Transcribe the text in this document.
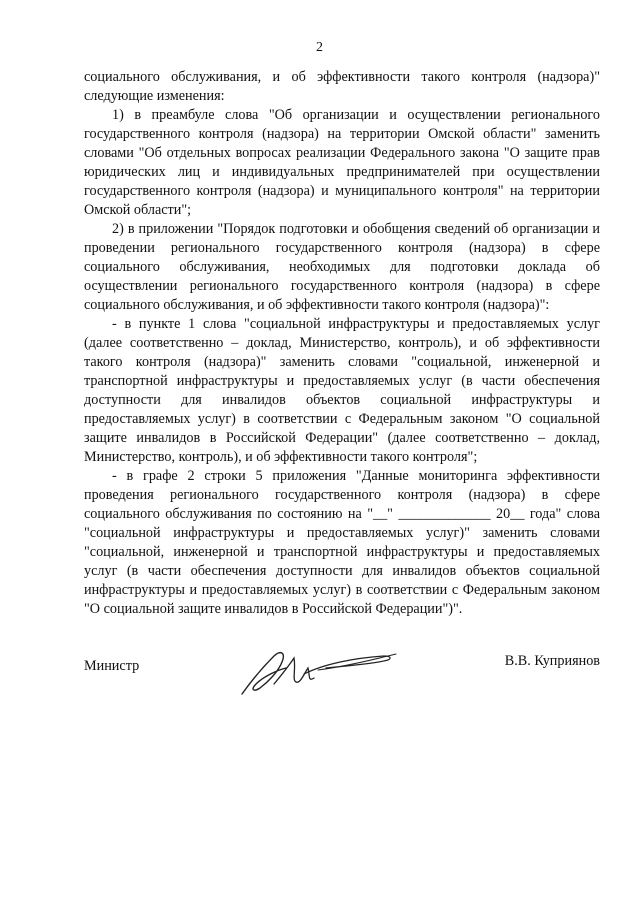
2

социального обслуживания, и об эффективности такого контроля (надзора)" следующие изменения:

1) в преамбуле слова "Об организации и осуществлении регионального государственного контроля (надзора) на территории Омской области" заменить словами "Об отдельных вопросах реализации Федерального закона "О защите прав юридических лиц и индивидуальных предпринимателей при осуществлении государственного контроля (надзора) и муниципального контроля" на территории Омской области";

2) в приложении "Порядок подготовки и обобщения сведений об организации и проведении регионального государственного контроля (надзора) в сфере социального обслуживания, необходимых для подготовки доклада об осуществлении регионального государственного контроля (надзора) в сфере социального обслуживания, и об эффективности такого контроля (надзора)":

- в пункте 1 слова "социальной инфраструктуры и предоставляемых услуг (далее соответственно – доклад, Министерство, контроль), и об эффективности такого контроля (надзора)" заменить словами "социальной, инженерной и транспортной инфраструктуры и предоставляемых услуг (в части обеспечения доступности для инвалидов объектов социальной инфраструктуры и предоставляемых услуг) в соответствии с Федеральным законом "О социальной защите инвалидов в Российской Федерации" (далее соответственно – доклад, Министерство, контроль), и об эффективности такого контроля";

- в графе 2 строки 5 приложения "Данные мониторинга эффективности проведения регионального государственного контроля (надзора) в сфере социального обслуживания по состоянию на "__" _____________ 20__ года" слова "социальной инфраструктуры и предоставляемых услуг)" заменить словами "социальной, инженерной и транспортной инфраструктуры и предоставляемых услуг (в части обеспечения доступности для инвалидов объектов социальной инфраструктуры и предоставляемых услуг) в соответствии с Федеральным законом "О социальной защите инвалидов в Российской Федерации")".

Министр	В.В. Куприянов
